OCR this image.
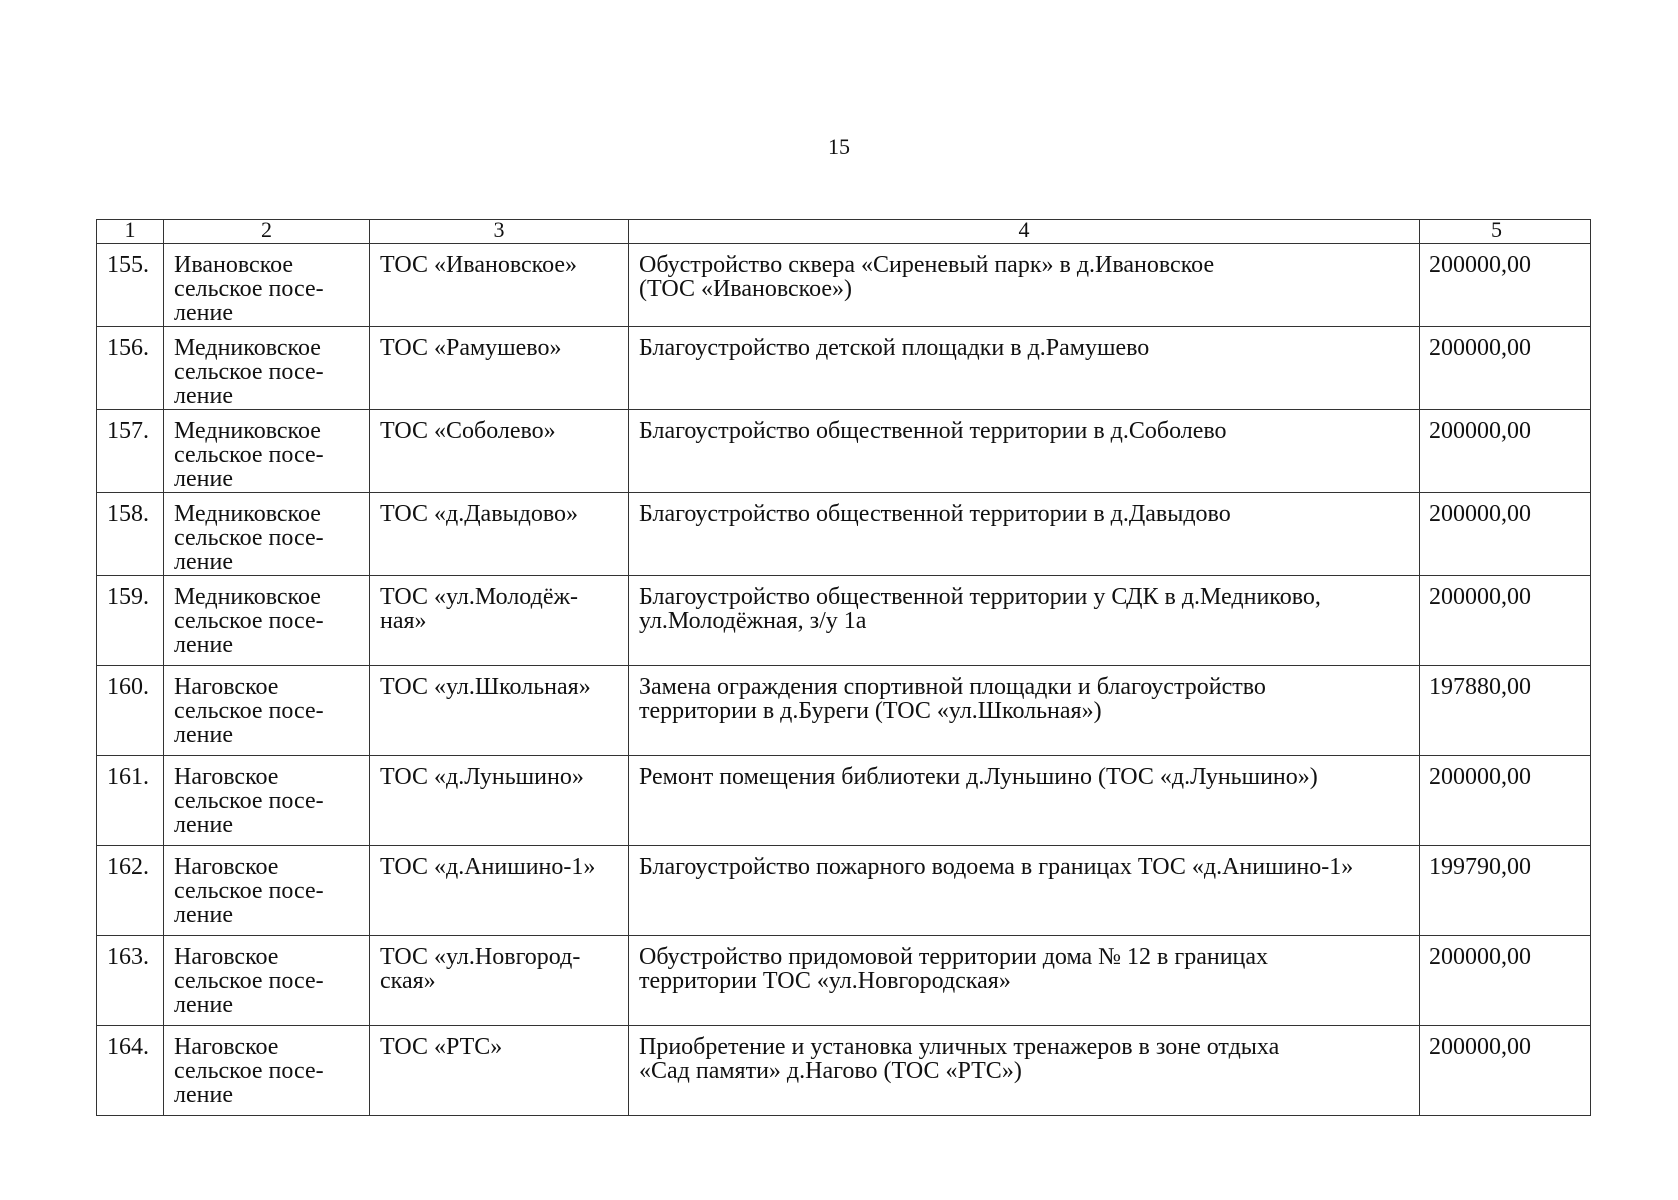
15
1	2	3	4	5

155.	Ивановское
сельское посе-
ление	ТОС «Ивановское»	Обустройство сквера «Сиреневый парк» в д.Ивановское
(ТОС «Ивановское»)	200000,00

156.	Медниковское
сельское посе-
ление	ТОС «Рамушево»	Благоустройство детской площадки в д.Рамушево	200000,00

157.	Медниковское
сельское посе-
ление	ТОС «Соболево»	Благоустройство общественной территории в д.Соболево	200000,00

158.	Медниковское
сельское посе-
ление	ТОС «д.Давыдово»	Благоустройство общественной территории в д.Давыдово	200000,00

159.	Медниковское
сельское посе-
ление	ТОС «ул.Молодёж-
ная»	Благоустройство общественной территории у СДК в д.Медниково,
ул.Молодёжная, з/у 1а	200000,00

160.	Наговское
сельское посе-
ление	ТОС «ул.Школьная»	Замена ограждения спортивной площадки и благоустройство
территории в д.Буреги (ТОС «ул.Школьная»)	197880,00

161.	Наговское
сельское посе-
ление	ТОС «д.Луньшино»	Ремонт помещения библиотеки д.Луньшино (ТОС «д.Луньшино»)	200000,00

162.	Наговское
сельское посе-
ление	ТОС «д.Анишино-1»	Благоустройство пожарного водоема в границах ТОС «д.Анишино-1»	199790,00

163.	Наговское
сельское посе-
ление	ТОС «ул.Новгород-
ская»	Обустройство придомовой территории дома № 12 в границах
территории ТОС «ул.Новгородская»	200000,00

164.	Наговское
сельское посе-
ление	ТОС «РТС»	Приобретение и установка уличных тренажеров в зоне отдыха
«Сад памяти» д.Нагово (ТОС «РТС»)	200000,00
